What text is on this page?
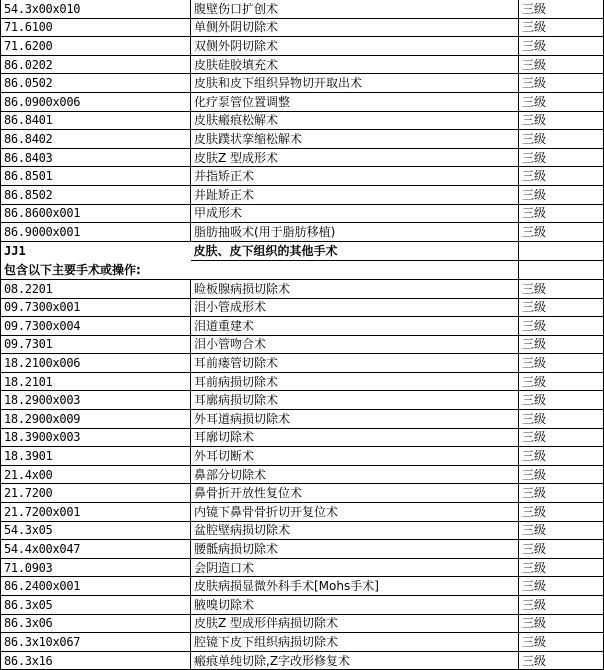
54.3x00x010	腹壁伤口扩创术	三级
71.6100	单侧外阴切除术	三级
71.6200	双侧外阴切除术	三级
86.0202	皮肤硅胶填充术	三级
86.0502	皮肤和皮下组织异物切开取出术	三级
86.0900x006	化疗泵管位置调整	三级
86.8401	皮肤瘢痕松解术	三级
86.8402	皮肤蹼状挛缩松解术	三级
86.8403	皮肤Z 型成形术	三级
86.8501	并指矫正术	三级
86.8502	并趾矫正术	三级
86.8600x001	甲成形术	三级
86.9000x001	脂肪抽吸术(用于脂肪移植)	三级
JJ1	皮肤、皮下组织的其他手术	
包含以下主要手术或操作:		
08.2201	睑板腺病损切除术	三级
09.7300x001	泪小管成形术	三级
09.7300x004	泪道重建术	三级
09.7301	泪小管吻合术	三级
18.2100x006	耳前瘘管切除术	三级
18.2101	耳前病损切除术	三级
18.2900x003	耳廓病损切除术	三级
18.2900x009	外耳道病损切除术	三级
18.3900x003	耳廓切除术	三级
18.3901	外耳切断术	三级
21.4x00	鼻部分切除术	三级
21.7200	鼻骨折开放性复位术	三级
21.7200x001	内镜下鼻骨骨折切开复位术	三级
54.3x05	盆腔壁病损切除术	三级
54.4x00x047	腰骶病损切除术	三级
71.0903	会阴造口术	三级
86.2400x001	皮肤病损显微外科手术[Mohs手术]	三级
86.3x05	腋嗅切除术	三级
86.3x06	皮肤Z 型成形伴病损切除术	三级
86.3x10x067	腔镜下皮下组织病损切除术	三级
86.3x16	瘢痕单纯切除,Z字改形修复术	三级
